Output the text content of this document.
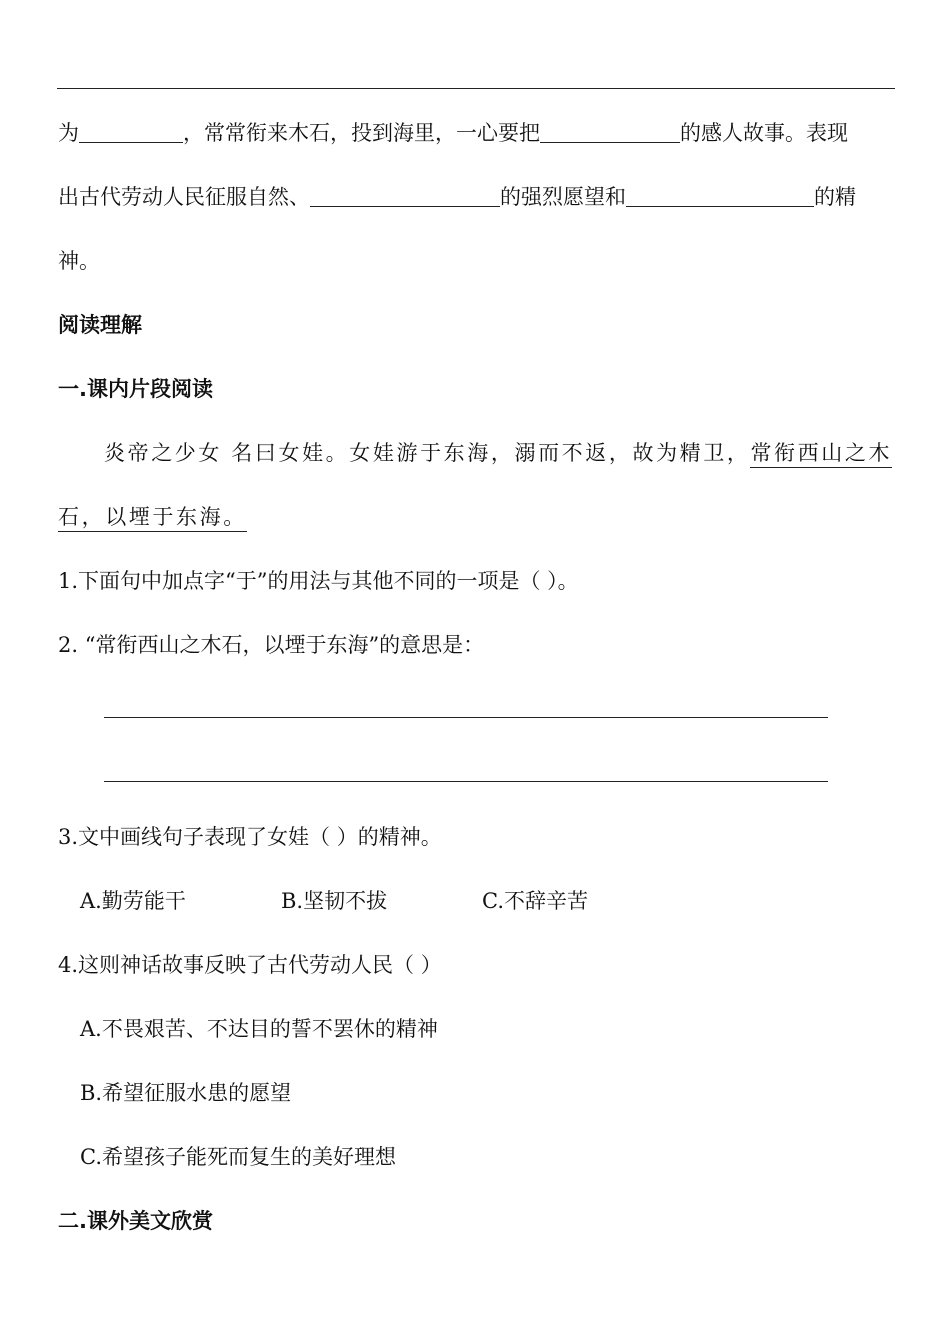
为	，常常衔来木石，投到海里，一心要把	的感人故事。表现
出古代劳动人民征服自然、	的强烈愿望和	的精
神。
阅读理解
一.课内片段阅读
炎帝之少女 名曰女娃。女娃游于东海，溺而不返，故为精卫，常衔西山之木
石，以堙于东海。
1.下面句中加点字“于”的用法与其他不同的一项是（ ）。
2. “常衔西山之木石，以堙于东海”的意思是：
3.文中画线句子表现了女娃（ ）的精神。
A.勤劳能干	B.坚韧不拔	C.不辞辛苦
4.这则神话故事反映了古代劳动人民（ ）
A.不畏艰苦、不达目的誓不罢休的精神
B.希望征服水患的愿望
C.希望孩子能死而复生的美好理想
二.课外美文欣赏
